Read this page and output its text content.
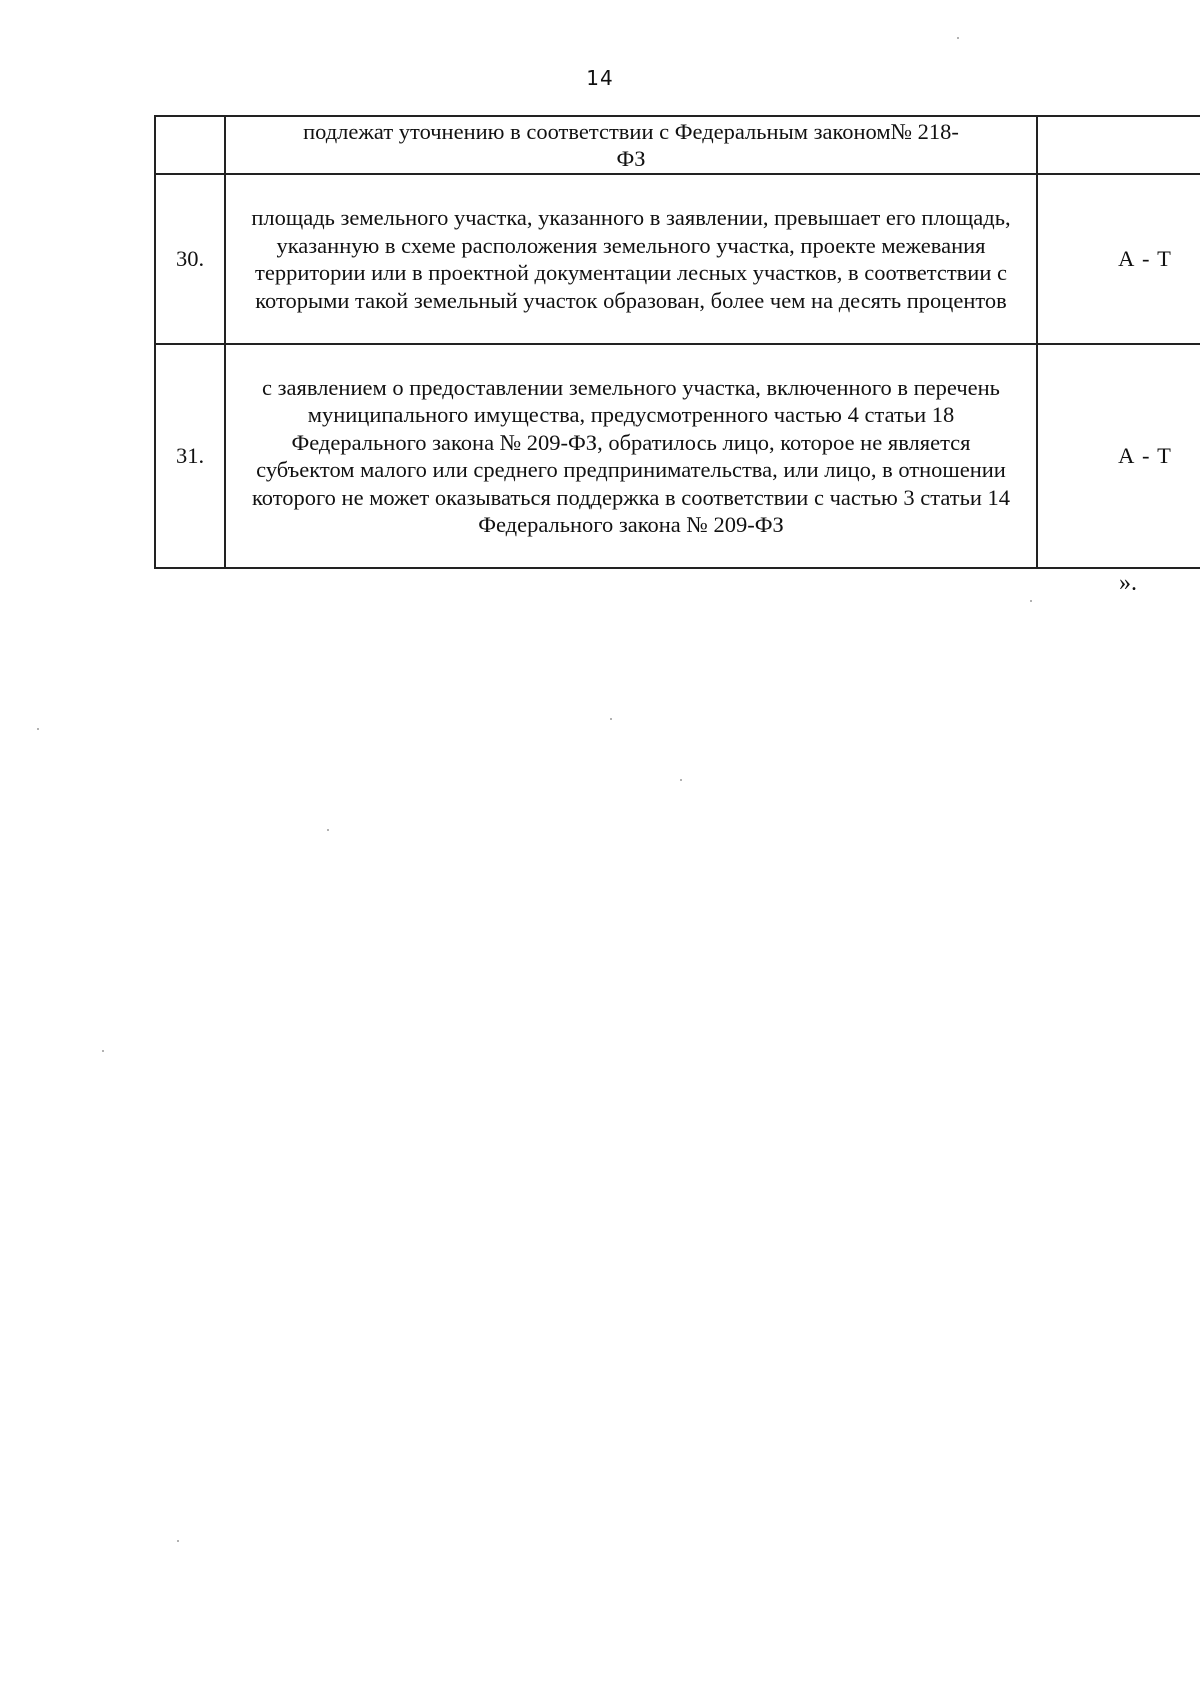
14

	подлежат уточнению в соответствии с Федеральным законом№ 218-ФЗ	

30.	площадь земельного участка, указанного в заявлении, превышает его площадь, указанную в схеме расположения земельного участка, проекте межевания территории или в проектной документации лесных участков, в соответствии с которыми такой земельный участок образован, более чем на десять процентов	А - Т
31.	с заявлением о предоставлении земельного участка, включенного в перечень муниципального имущества, предусмотренного частью 4 статьи 18 Федерального закона № 209-ФЗ, обратилось лицо, которое не является субъектом малого или среднего предпринимательства, или лицо, в отношении которого не может оказываться поддержка в соответствии с частью 3 статьи 14 Федерального закона № 209-ФЗ	А - Т
».
